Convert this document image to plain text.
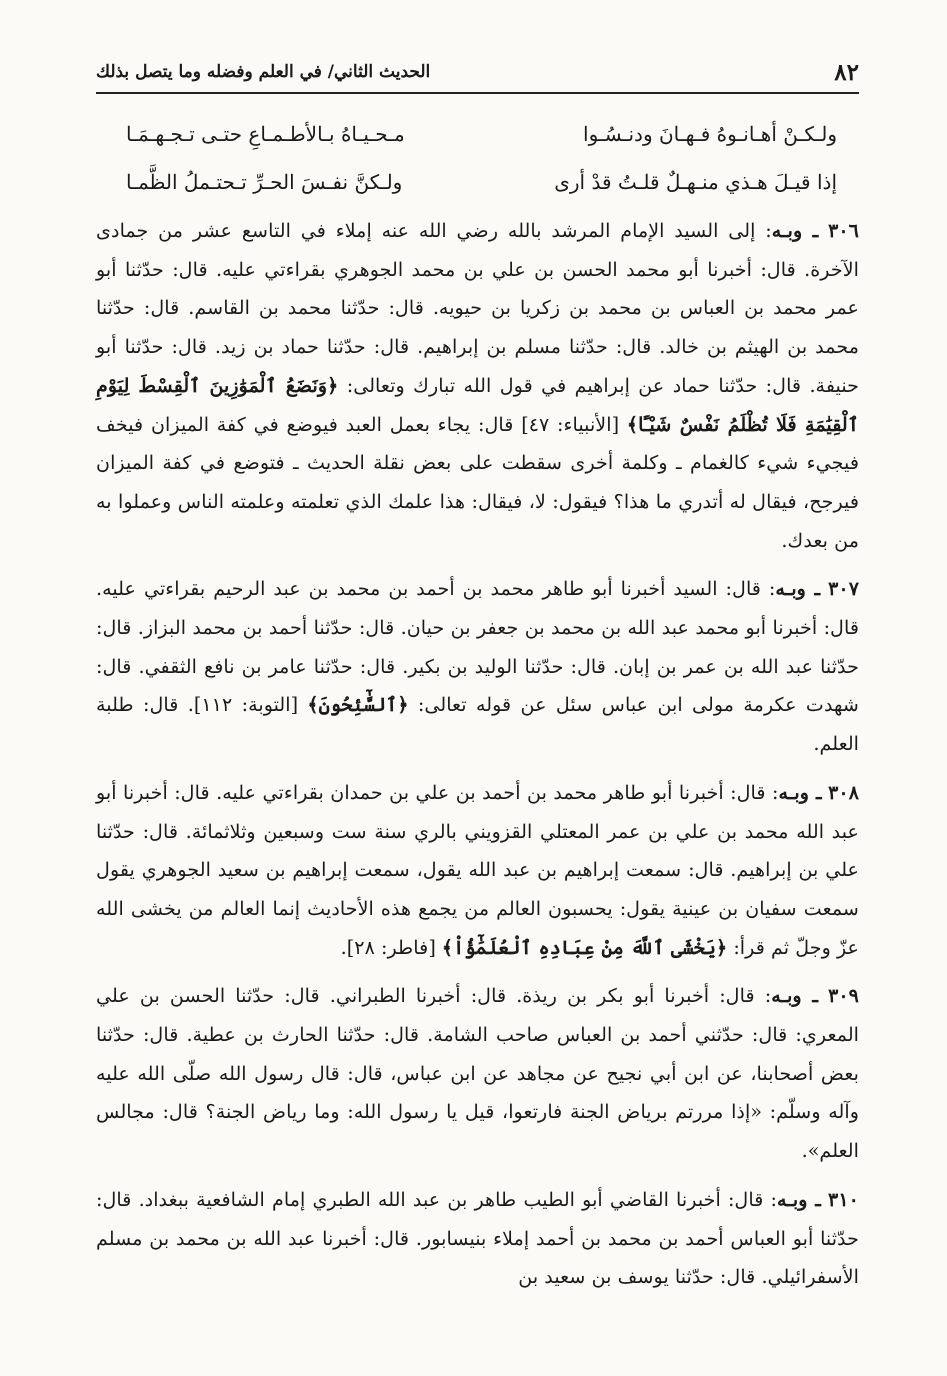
٨٢
الحديث الثاني/ في العلم وفضله وما يتصل بذلك
ولـكـنْ أهـانـوهُ فـهـانَ ودنـسُـوا
مـحـيـاهُ بـالأطـمـاعِ حتـى تـجـهـمَـا
إذا قيـلَ هـذي منـهـلٌ قلـتُ قدْ أرى
ولـكنَّ نفـسَ الحـرِّ تـحتـملُ الظَّمـا

٣٠٦ ـ وبـه: إلى السيد الإمام المرشد بالله رضي الله عنه إملاء في التاسع عشر من جمادى الآخرة. قال: أخبرنا أبو محمد الحسن بن علي بن محمد الجوهري بقراءتي عليه. قال: حدّثنا أبو عمر محمد بن العباس بن محمد بن زكريا بن حيويه. قال: حدّثنا محمد بن القاسم. قال: حدّثنا محمد بن الهيثم بن خالد. قال: حدّثنا مسلم بن إبراهيم. قال: حدّثنا حماد بن زيد. قال: حدّثنا أبو حنيفة. قال: حدّثنا حماد عن إبراهيم في قول الله تبارك وتعالى: ﴿وَنَضَعُ ٱلْمَوَٰزِينَ ٱلْقِسْطَ لِيَوْمِ ٱلْقِيَٰمَةِ فَلَا تُظْلَمُ نَفْسٌ شَيْـًٔا﴾ [الأنبياء: ٤٧] قال: يجاء بعمل العبد فيوضع في كفة الميزان فيخف فيجيء شيء كالغمام ـ وكلمة أخرى سقطت على بعض نقلة الحديث ـ فتوضع في كفة الميزان فيرجح، فيقال له أتدري ما هذا؟ فيقول: لا، فيقال: هذا علمك الذي تعلمته وعلمته الناس وعملوا به من بعدك.

٣٠٧ ـ وبـه: قال: السيد أخبرنا أبو طاهر محمد بن أحمد بن محمد بن عبد الرحيم بقراءتي عليه. قال: أخبرنا أبو محمد عبد الله بن محمد بن جعفر بن حيان. قال: حدّثنا أحمد بن محمد البزاز. قال: حدّثنا عبد الله بن عمر بن إبان. قال: حدّثنا الوليد بن بكير. قال: حدّثنا عامر بن نافع الثقفي. قال: شهدت عكرمة مولى ابن عباس سئل عن قوله تعالى: ﴿ٱلسَّٰٓئِحُونَ﴾ [التوبة: ١١٢]. قال: طلبة العلم.

٣٠٨ ـ وبـه: قال: أخبرنا أبو طاهر محمد بن أحمد بن علي بن حمدان بقراءتي عليه. قال: أخبرنا أبو عبد الله محمد بن علي بن عمر المعتلي القزويني بالري سنة ست وسبعين وثلاثمائة. قال: حدّثنا علي بن إبراهيم. قال: سمعت إبراهيم بن عبد الله يقول، سمعت إبراهيم بن سعيد الجوهري يقول سمعت سفيان بن عينية يقول: يحسبون العالم من يجمع هذه الأحاديث إنما العالم من يخشى الله عزّ وجلّ ثم قرأ: ﴿يَخْشَى ٱللَّهَ مِنْ عِبَادِهِ ٱلْعُلَمَٰٓؤُاْ﴾ [فاطر: ٢٨].

٣٠٩ ـ وبـه: قال: أخبرنا أبو بكر بن ريذة. قال: أخبرنا الطبراني. قال: حدّثنا الحسن بن علي المعري: قال: حدّثني أحمد بن العباس صاحب الشامة. قال: حدّثنا الحارث بن عطية. قال: حدّثنا بعض أصحابنا، عن ابن أبي نجيح عن مجاهد عن ابن عباس، قال: قال رسول الله صلّى الله عليه وآله وسلّم: «إذا مررتم برياض الجنة فارتعوا، قيل يا رسول الله: وما رياض الجنة؟ قال: مجالس العلم».

٣١٠ ـ وبـه: قال: أخبرنا القاضي أبو الطيب طاهر بن عبد الله الطبري إمام الشافعية ببغداد. قال: حدّثنا أبو العباس أحمد بن محمد بن أحمد إملاء بنيسابور. قال: أخبرنا عبد الله بن محمد بن مسلم الأسفرائيلي. قال: حدّثنا يوسف بن سعيد بن
